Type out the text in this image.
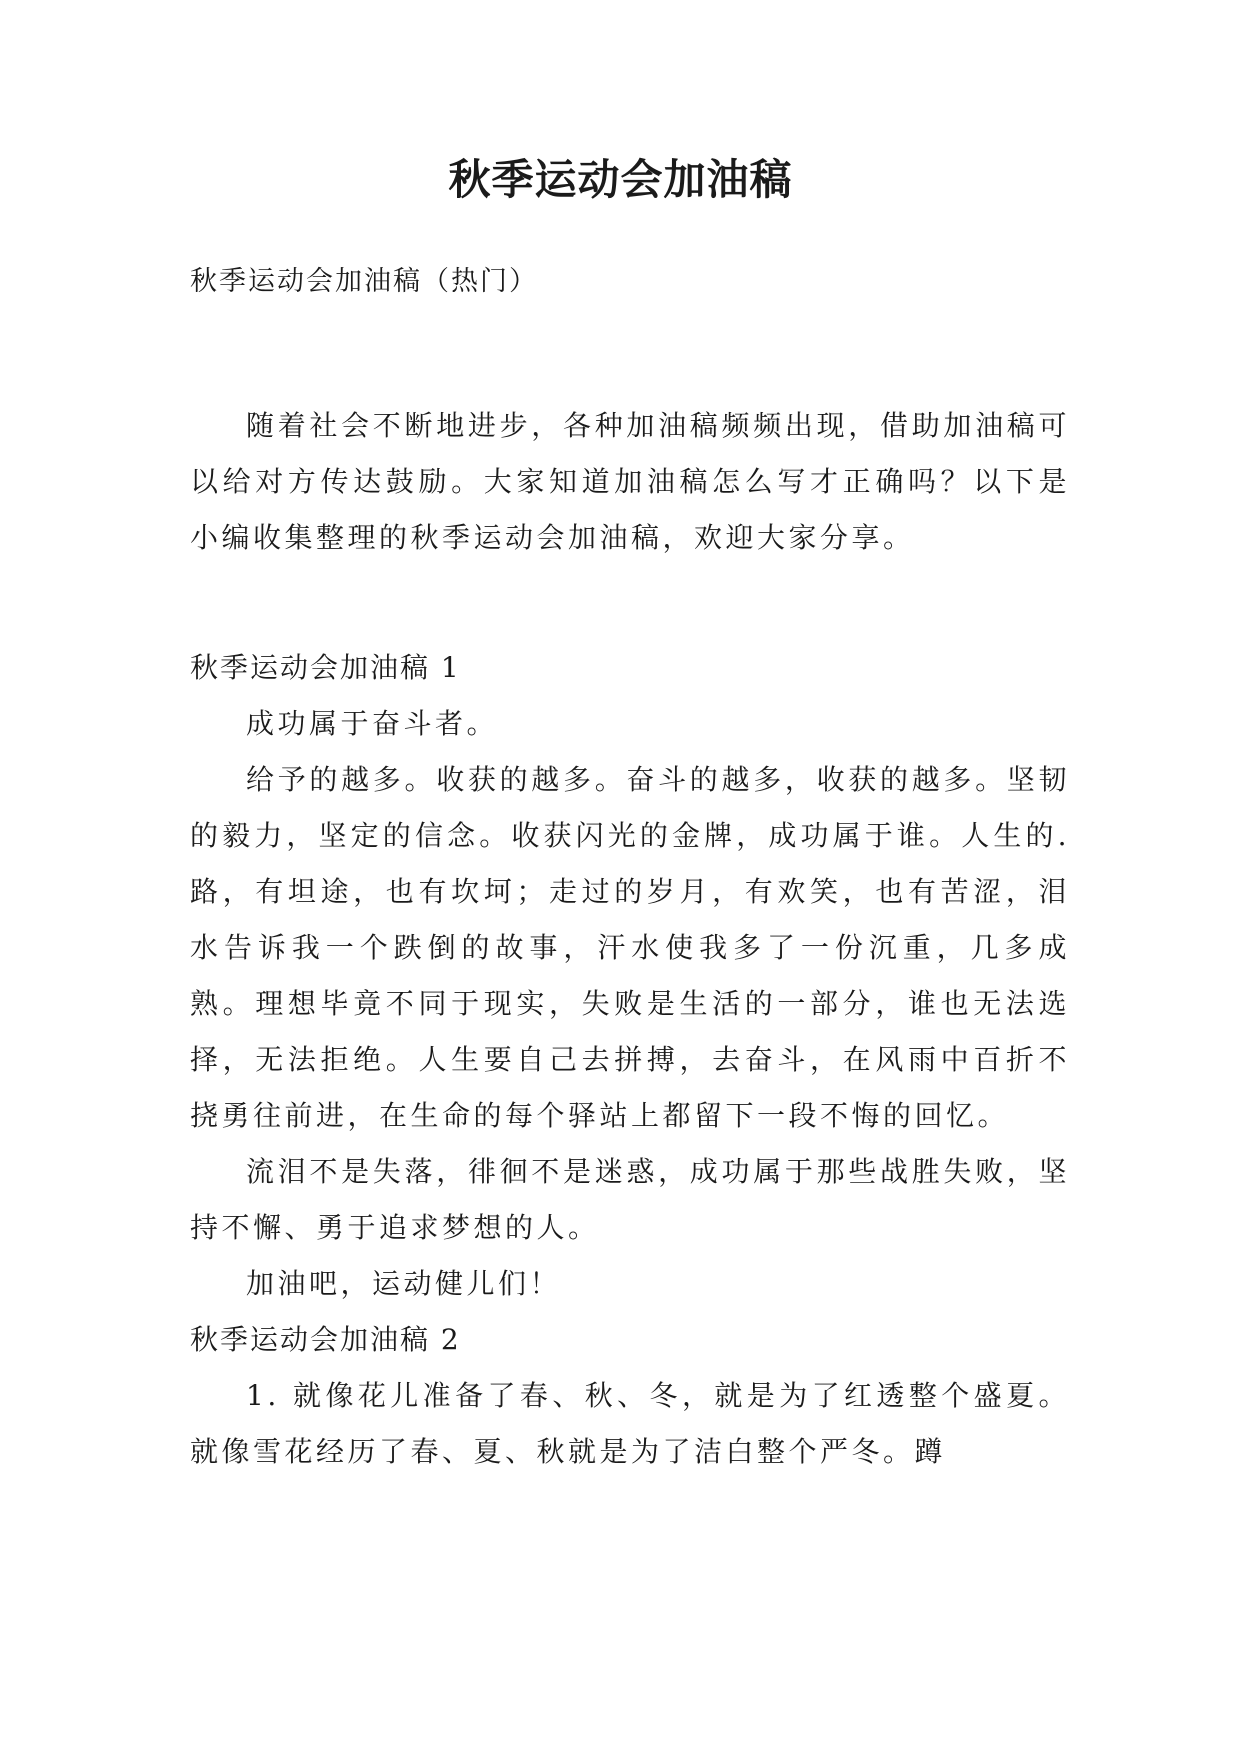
秋季运动会加油稿

秋季运动会加油稿（热门）

随着社会不断地进步，各种加油稿频频出现，借助加油稿可以给对方传达鼓励。大家知道加油稿怎么写才正确吗？以下是小编收集整理的秋季运动会加油稿，欢迎大家分享。

秋季运动会加油稿 1

成功属于奋斗者。

给予的越多。收获的越多。奋斗的越多，收获的越多。坚韧的毅力，坚定的信念。收获闪光的金牌，成功属于谁。人生的.路，有坦途，也有坎坷；走过的岁月，有欢笑，也有苦涩，泪水告诉我一个跌倒的故事，汗水使我多了一份沉重，几多成熟。理想毕竟不同于现实，失败是生活的一部分，谁也无法选择，无法拒绝。人生要自己去拼搏，去奋斗，在风雨中百折不挠勇往前进，在生命的每个驿站上都留下一段不悔的回忆。

流泪不是失落，徘徊不是迷惑，成功属于那些战胜失败，坚持不懈、勇于追求梦想的人。

加油吧，运动健儿们！

秋季运动会加油稿 2

1. 就像花儿准备了春、秋、冬，就是为了红透整个盛夏。就像雪花经历了春、夏、秋就是为了洁白整个严冬。蹲
